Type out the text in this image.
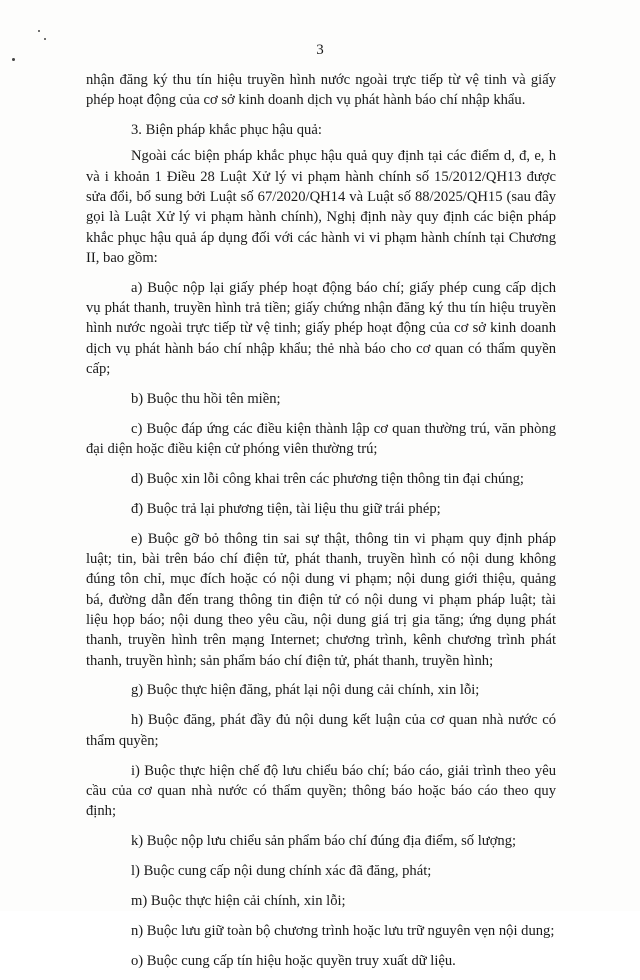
3

nhận đăng ký thu tín hiệu truyền hình nước ngoài trực tiếp từ vệ tinh và giấy phép hoạt động của cơ sở kinh doanh dịch vụ phát hành báo chí nhập khẩu.

3. Biện pháp khắc phục hậu quả:

Ngoài các biện pháp khắc phục hậu quả quy định tại các điểm d, đ, e, h và i khoản 1 Điều 28 Luật Xử lý vi phạm hành chính số 15/2012/QH13 được sửa đổi, bổ sung bởi Luật số 67/2020/QH14 và Luật số 88/2025/QH15 (sau đây gọi là Luật Xử lý vi phạm hành chính), Nghị định này quy định các biện pháp khắc phục hậu quả áp dụng đối với các hành vi vi phạm hành chính tại Chương II, bao gồm:

a) Buộc nộp lại giấy phép hoạt động báo chí; giấy phép cung cấp dịch vụ phát thanh, truyền hình trả tiền; giấy chứng nhận đăng ký thu tín hiệu truyền hình nước ngoài trực tiếp từ vệ tinh; giấy phép hoạt động của cơ sở kinh doanh dịch vụ phát hành báo chí nhập khẩu; thẻ nhà báo cho cơ quan có thẩm quyền cấp;

b) Buộc thu hồi tên miền;

c) Buộc đáp ứng các điều kiện thành lập cơ quan thường trú, văn phòng đại diện hoặc điều kiện cử phóng viên thường trú;

d) Buộc xin lỗi công khai trên các phương tiện thông tin đại chúng;

đ) Buộc trả lại phương tiện, tài liệu thu giữ trái phép;

e) Buộc gỡ bỏ thông tin sai sự thật, thông tin vi phạm quy định pháp luật; tin, bài trên báo chí điện tử, phát thanh, truyền hình có nội dung không đúng tôn chỉ, mục đích hoặc có nội dung vi phạm; nội dung giới thiệu, quảng bá, đường dẫn đến trang thông tin điện tử có nội dung vi phạm pháp luật; tài liệu họp báo; nội dung theo yêu cầu, nội dung giá trị gia tăng; ứng dụng phát thanh, truyền hình trên mạng Internet; chương trình, kênh chương trình phát thanh, truyền hình; sản phẩm báo chí điện tử, phát thanh, truyền hình;

g) Buộc thực hiện đăng, phát lại nội dung cải chính, xin lỗi;

h) Buộc đăng, phát đầy đủ nội dung kết luận của cơ quan nhà nước có thẩm quyền;

i) Buộc thực hiện chế độ lưu chiểu báo chí; báo cáo, giải trình theo yêu cầu của cơ quan nhà nước có thẩm quyền; thông báo hoặc báo cáo theo quy định;

k) Buộc nộp lưu chiểu sản phẩm báo chí đúng địa điểm, số lượng;

l) Buộc cung cấp nội dung chính xác đã đăng, phát;

m) Buộc thực hiện cải chính, xin lỗi;

n) Buộc lưu giữ toàn bộ chương trình hoặc lưu trữ nguyên vẹn nội dung;

o) Buộc cung cấp tín hiệu hoặc quyền truy xuất dữ liệu.
